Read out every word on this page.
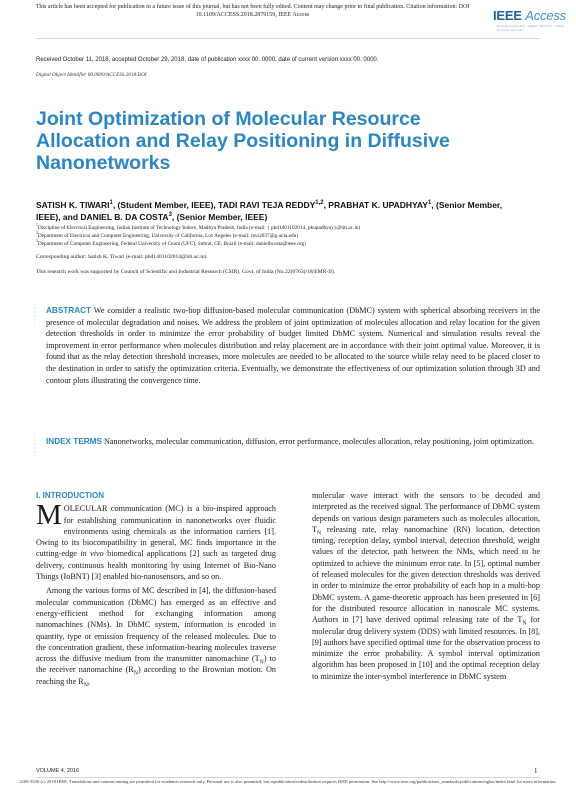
This article has been accepted for publication in a future issue of this journal, but has not been fully edited. Content may change prior to final publication. Citation information: DOI
10.1109/ACCESS.2018.2879159, IEEE Access	IEEE Access
Multidisciplinary : Rapid Review : Open Access Journal
Received October 11, 2018, accepted October 29, 2018, date of publication xxxx 00, 0000, date of current version xxxx 00, 0000.
Digital Object Identifier 00.0000/ACCESS.2018.DOI
Joint Optimization of Molecular Resource Allocation and Relay Positioning in Diffusive Nanonetworks
SATISH K. TIWARI$^1$, (Student Member, IEEE), TADI RAVI TEJA REDDY$^{1,2}$, PRABHAT K. UPADHYAY$^1$, (Senior Member, IEEE), and DANIEL B. DA COSTA$^3$, (Senior Member, IEEE)
$^1$Discipline of Electrical Engineering, Indian Institute of Technology Indore, Madhya Pradesh, India (e-mail: { phd1401102014, pkupadhyay}@iiti.ac.in)
$^2$Department of Electrical and Computer Engineering, University of California, Los Angeles (e-mail: ravi2037@g.ucla.edu)
$^3$Department of Computer Engineering, Federal University of Ceará (UFC), Sobral, CE, Brazil (e-mail: danielbcosta@ieee.org)
Corresponding author: Satish K. Tiwari (e-mail: phd1401102014@iiti.ac.in).
This research work was supported by Council of Scientific and Industrial Research (CSIR), Govt. of India (No.22(0763)/18/EMR-II).
•
•
•
•
•
•
ABSTRACT We consider a realistic two-hop diffusion-based molecular communication (DbMC) system with spherical absorbing receivers in the presence of molecular degradation and noises. We address the problem of joint optimization of molecules allocation and relay location for the given detection thresholds in order to minimize the error probability of budget limited DbMC system. Numerical and simulation results reveal the improvement in error performance when molecules distribution and relay placement are in accordance with their joint optimal value. Moreover, it is found that as the relay detection threshold increases, more molecules are needed to be allocated to the source while relay need to be placed closer to the destination in order to satisfy the optimization criteria. Eventually, we demonstrate the effectiveness of our optimization solution through 3D and contour plots illustrating the convergence time.
•
•
•
•
•
•
INDEX TERMS Nanonetworks, molecular communication, diffusion, error performance, molecules allocation, relay positioning, joint optimization.
I. INTRODUCTION

MOLECULAR communication (MC) is a bio-inspired approach for establishing communication in nanonetworks over fluidic environments using chemicals as the information carriers [1]. Owing to its biocompatibility in general, MC finds importance in the cutting-edge in vivo biomedical applications [2] such as targeted drug delivery, continuous health monitoring by using Internet of Bio-Nano Things (IoBNT) [3] enabled bio-nanosensors, and so on.

Among the various forms of MC described in [4], the diffusion-based molecular communication (DbMC) has emerged as an effective and energy-efficient method for exchanging information among nanomachines (NMs). In DbMC system, information is encoded in quantity, type or emission frequency of the released molecules. Due to the concentration gradient, these information-bearing molecules traverse across the diffusive medium from the transmitter nanomachine $(T_N)$ to the receiver nanomachine $(R_N)$ according to the Brownian motion. On reaching the $R_N$,

molecular wave interact with the sensors to be decoded and interpreted as the received signal. The performance of DbMC system depends on various design parameters such as molecules allocation, $T_N$ releasing rate, relay nanomachine (RN) location, detection timing, reception delay, symbol interval, detection threshold, weight values of the detector, path between the NMs, which need to be optimized to achieve the minimum error rate. In [5], optimal number of released molecules for the given detection thresholds was derived in order to minimize the error probability of each hop in a multi-hop DbMC system. A game-theoretic approach has been presented in [6] for the distributed resource allocation in nanoscale MC systems. Authors in [7] have derived optimal releasing rate of the $T_N$ for molecular drug delivery system (DDS) with limited resources. In [8], [9] authors have specified optimal time for the observation process to minimize the error probability. A symbol interval optimization algorithm has been proposed in [10] and the optimal reception delay to minimize the inter-symbol interference in DbMC system

VOLUME 4, 2016	1
2169-3536 (c) 2018 IEEE. Translations and content mining are permitted for academic research only. Personal use is also permitted, but republication/redistribution requires IEEE permission. See http://www.ieee.org/publications_standards/publications/rights/index.html for more information.
